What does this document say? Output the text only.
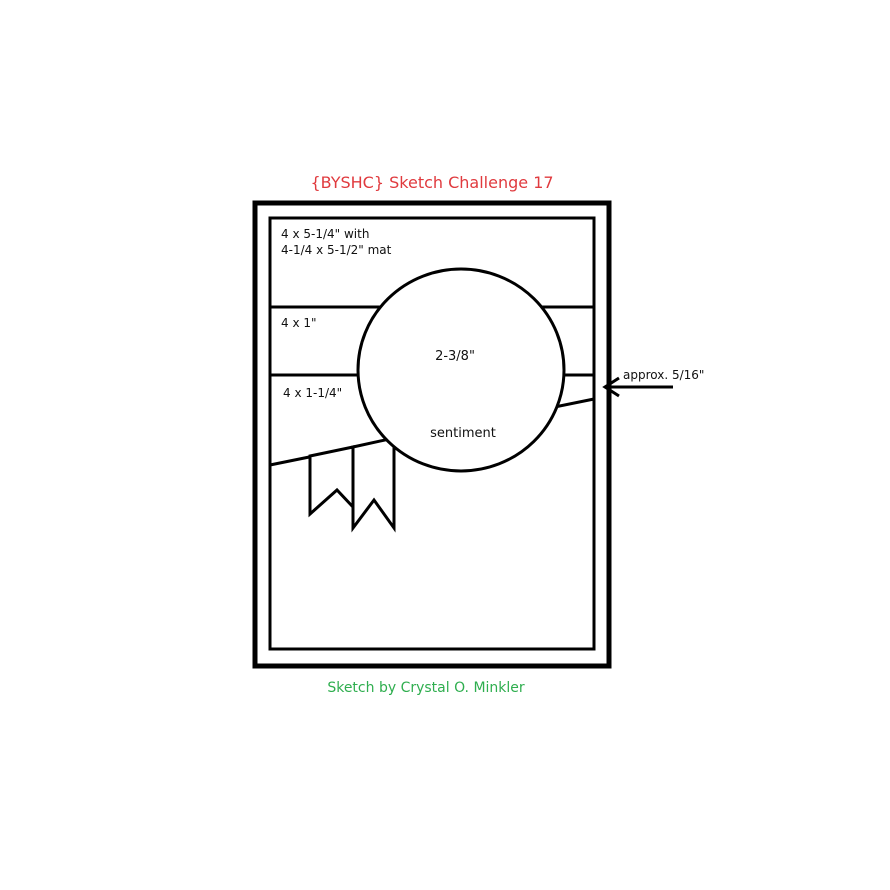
{BYSHC} Sketch Challenge 17
4 x 5-1/4" with
4-1/4 x 5-1/2" mat
4 x 1"
4 x 1-1/4"
2-3/8"
sentiment
approx. 5/16"
Sketch by Crystal O. Minkler
